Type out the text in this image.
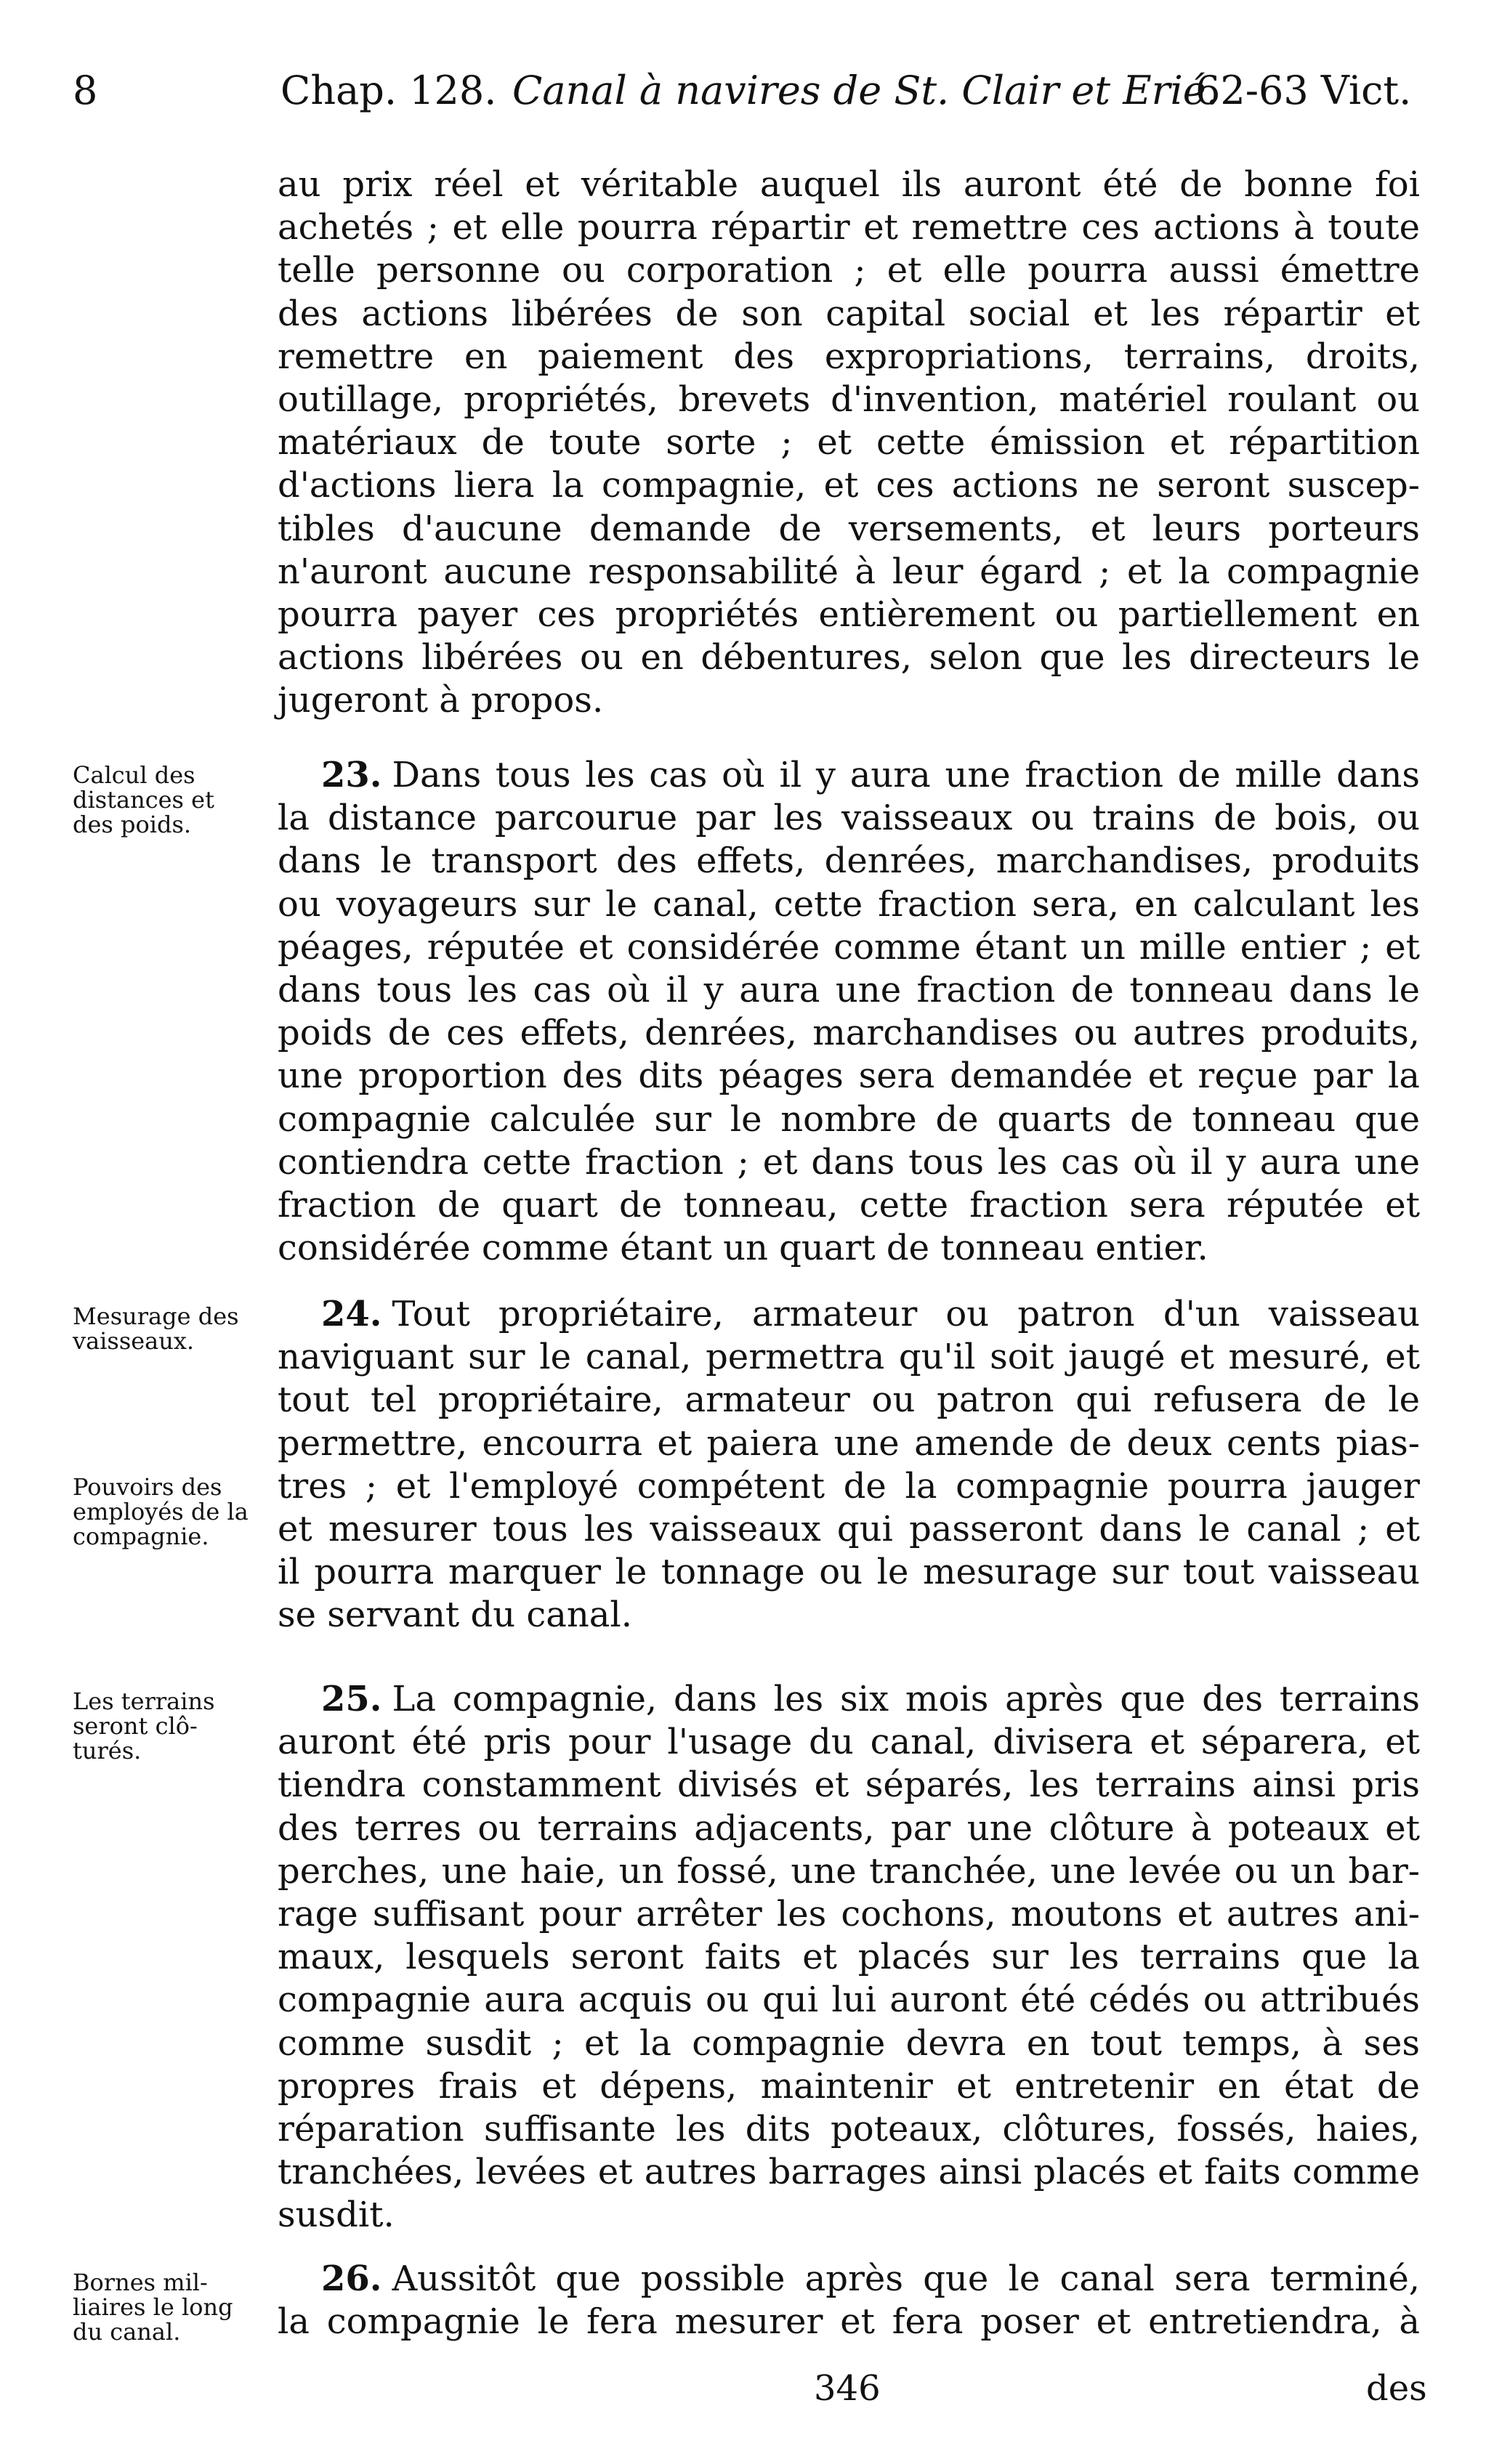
8	Chap. 128. Canal à navires de St. Clair et Erié.
62-63 Vict.
au prix réel et véritable auquel ils auront été de bonne foi
achetés ; et elle pourra répartir et remettre ces actions à toute
telle personne ou corporation ; et elle pourra aussi émettre
des actions libérées de son capital social et les répartir et
remettre en paiement des expropriations, terrains, droits,
outillage, propriétés, brevets d'invention, matériel roulant ou
matériaux de toute sorte ; et cette émission et répartition
d'actions liera la compagnie, et ces actions ne seront suscep-
tibles d'aucune demande de versements, et leurs porteurs
n'auront aucune responsabilité à leur égard ; et la compagnie
pourra payer ces propriétés entièrement ou partiellement en
actions libérées ou en débentures, selon que les directeurs le
jugeront à propos.
Calcul des
distances et
des poids.
23. Dans tous les cas où il y aura une fraction de mille dans
la distance parcourue par les vaisseaux ou trains de bois, ou
dans le transport des effets, denrées, marchandises, produits
ou voyageurs sur le canal, cette fraction sera, en calculant les
péages, réputée et considérée comme étant un mille entier ; et
dans tous les cas où il y aura une fraction de tonneau dans le
poids de ces effets, denrées, marchandises ou autres produits,
une proportion des dits péages sera demandée et reçue par la
compagnie calculée sur le nombre de quarts de tonneau que
contiendra cette fraction ; et dans tous les cas où il y aura une
fraction de quart de tonneau, cette fraction sera réputée et
considérée comme étant un quart de tonneau entier.
Mesurage des
vaisseaux.
Pouvoirs des
employés de la
compagnie.
24. Tout propriétaire, armateur ou patron d'un vaisseau
naviguant sur le canal, permettra qu'il soit jaugé et mesuré, et
tout tel propriétaire, armateur ou patron qui refusera de le
permettre, encourra et paiera une amende de deux cents pias-
tres ; et l'employé compétent de la compagnie pourra jauger
et mesurer tous les vaisseaux qui passeront dans le canal ; et
il pourra marquer le tonnage ou le mesurage sur tout vaisseau
se servant du canal.
Les terrains
seront clô-
turés.
25. La compagnie, dans les six mois après que des terrains
auront été pris pour l'usage du canal, divisera et séparera, et
tiendra constamment divisés et séparés, les terrains ainsi pris
des terres ou terrains adjacents, par une clôture à poteaux et
perches, une haie, un fossé, une tranchée, une levée ou un bar-
rage suffisant pour arrêter les cochons, moutons et autres ani-
maux, lesquels seront faits et placés sur les terrains que la
compagnie aura acquis ou qui lui auront été cédés ou attribués
comme susdit ; et la compagnie devra en tout temps, à ses
propres frais et dépens, maintenir et entretenir en état de
réparation suffisante les dits poteaux, clôtures, fossés, haies,
tranchées, levées et autres barrages ainsi placés et faits comme
susdit.
Bornes mil-
liaires le long
du canal.
26. Aussitôt que possible après que le canal sera terminé,
la compagnie le fera mesurer et fera poser et entretiendra, à
346	des
